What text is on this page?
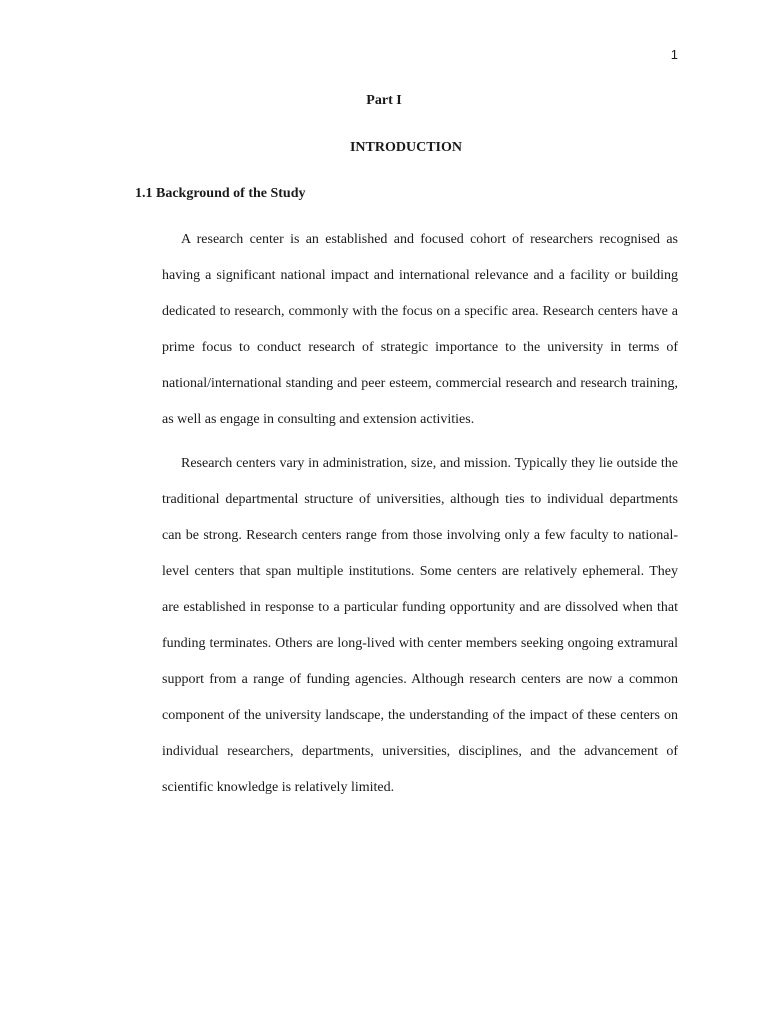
1
Part I
INTRODUCTION
1.1 Background of the Study

A research center is an established and focused cohort of researchers recognised as having a significant national impact and international relevance and a facility or building dedicated to research, commonly with the focus on a specific area. Research centers have a prime focus to conduct research of strategic importance to the university in terms of national/international standing and peer esteem, commercial research and research training, as well as engage in consulting and extension activities.

Research centers vary in administration, size, and mission. Typically they lie outside the traditional departmental structure of universities, although ties to individual departments can be strong. Research centers range from those involving only a few faculty to national-level centers that span multiple institutions. Some centers are relatively ephemeral. They are established in response to a particular funding opportunity and are dissolved when that funding terminates. Others are long-lived with center members seeking ongoing extramural support from a range of funding agencies. Although research centers are now a common component of the university landscape, the understanding of the impact of these centers on individual researchers, departments, universities, disciplines, and the advancement of scientific knowledge is relatively limited.
